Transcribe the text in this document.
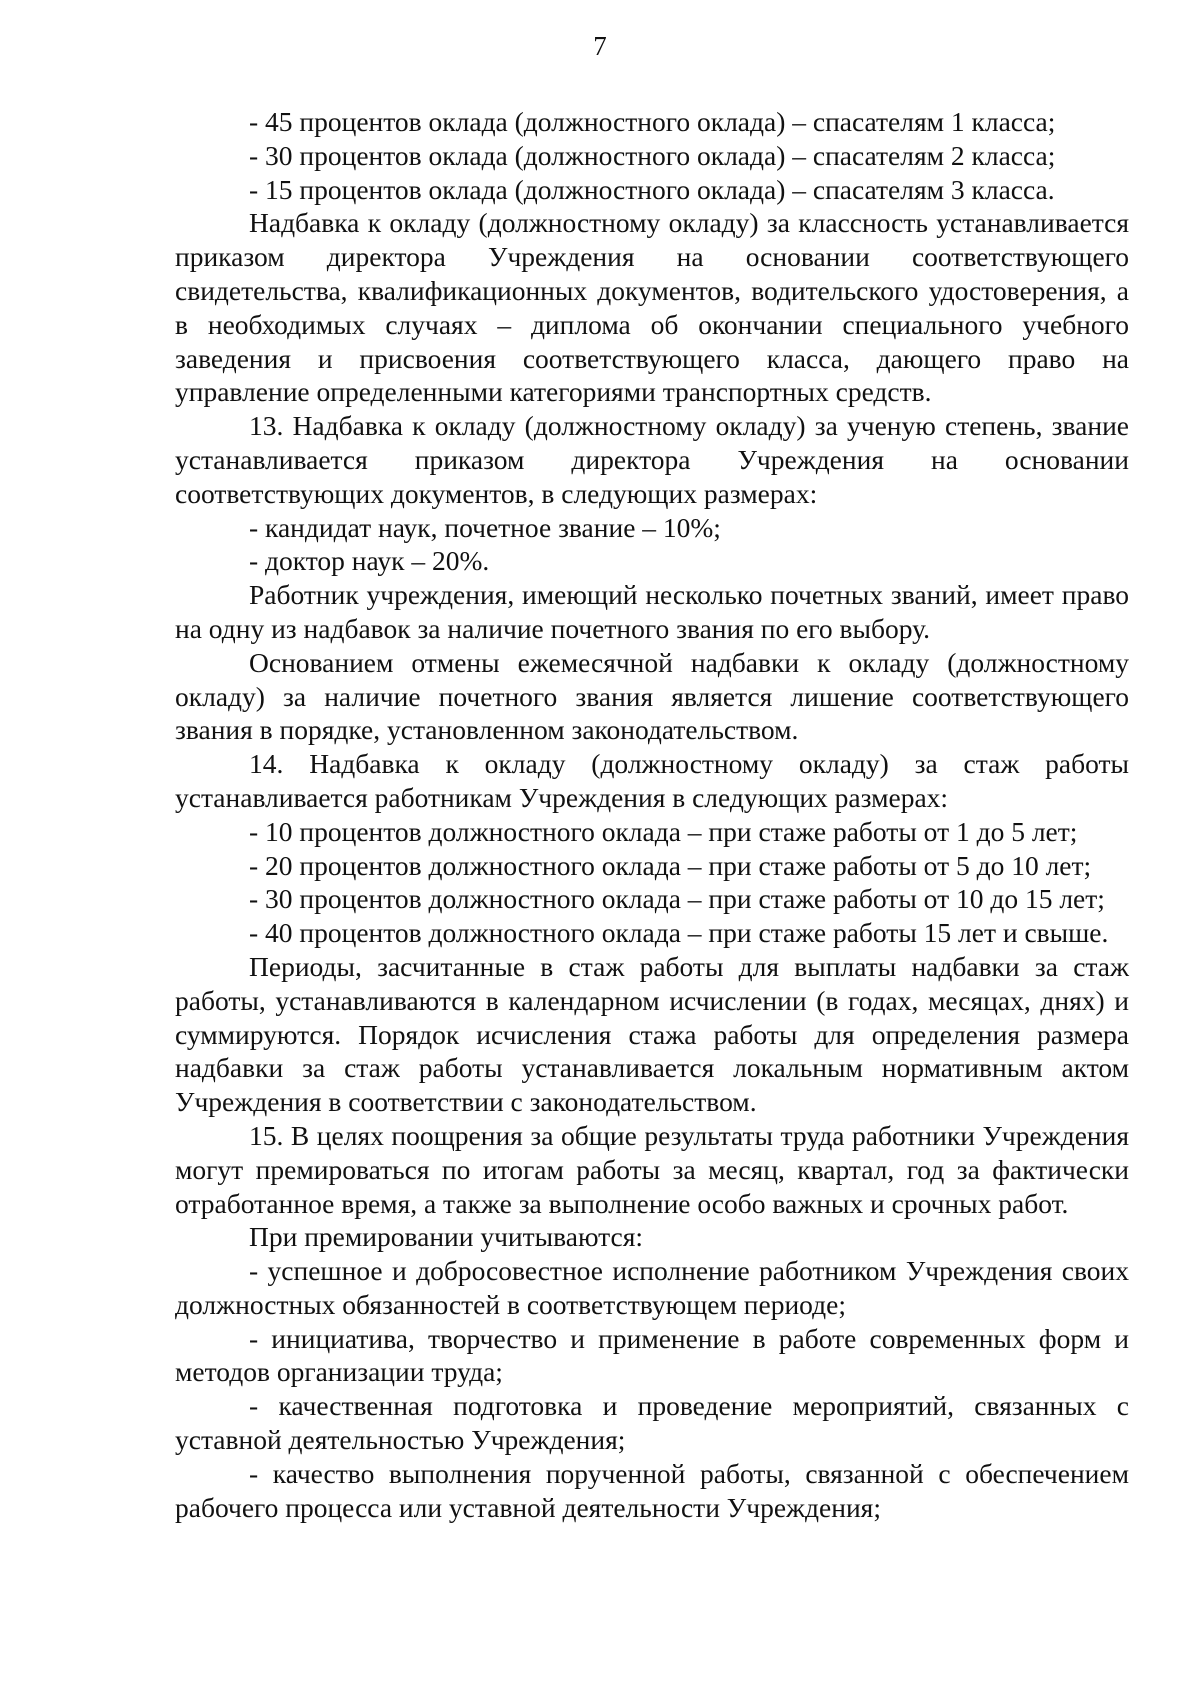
7

- 45 процентов оклада (должностного оклада) – спасателям 1 класса;

- 30 процентов оклада (должностного оклада) – спасателям 2 класса;

- 15 процентов оклада (должностного оклада) – спасателям 3 класса.

Надбавка к окладу (должностному окладу) за классность устанавливается приказом директора Учреждения на основании соответствующего свидетельства, квалификационных документов, водительского удостоверения, а в необходимых случаях – диплома об окончании специального учебного заведения и присвоения соответствующего класса, дающего право на управление определенными категориями транспортных средств.

13. Надбавка к окладу (должностному окладу) за ученую степень, звание устанавливается приказом директора Учреждения на основании соответствующих документов, в следующих размерах:

- кандидат наук, почетное звание – 10%;

- доктор наук – 20%.

Работник учреждения, имеющий несколько почетных званий, имеет право на одну из надбавок за наличие почетного звания по его выбору.

Основанием отмены ежемесячной надбавки к окладу (должностному окладу) за наличие почетного звания является лишение соответствующего звания в порядке, установленном законодательством.

14. Надбавка к окладу (должностному окладу) за стаж работы устанавливается работникам Учреждения в следующих размерах:

- 10 процентов должностного оклада – при стаже работы от 1 до 5 лет;

- 20 процентов должностного оклада – при стаже работы от 5 до 10 лет;

- 30 процентов должностного оклада – при стаже работы от 10 до 15 лет;

- 40 процентов должностного оклада – при стаже работы 15 лет и свыше.

Периоды, засчитанные в стаж работы для выплаты надбавки за стаж работы, устанавливаются в календарном исчислении (в годах, месяцах, днях) и суммируются. Порядок исчисления стажа работы для определения размера надбавки за стаж работы устанавливается локальным нормативным актом Учреждения в соответствии с законодательством.

15. В целях поощрения за общие результаты труда работники Учреждения могут премироваться по итогам работы за месяц, квартал, год за фактически отработанное время, а также за выполнение особо важных и срочных работ.

При премировании учитываются:

- успешное и добросовестное исполнение работником Учреждения своих должностных обязанностей в соответствующем периоде;

- инициатива, творчество и применение в работе современных форм и методов организации труда;

- качественная подготовка и проведение мероприятий, связанных с уставной деятельностью Учреждения;

- качество выполнения порученной работы, связанной с обеспечением рабочего процесса или уставной деятельности Учреждения;
